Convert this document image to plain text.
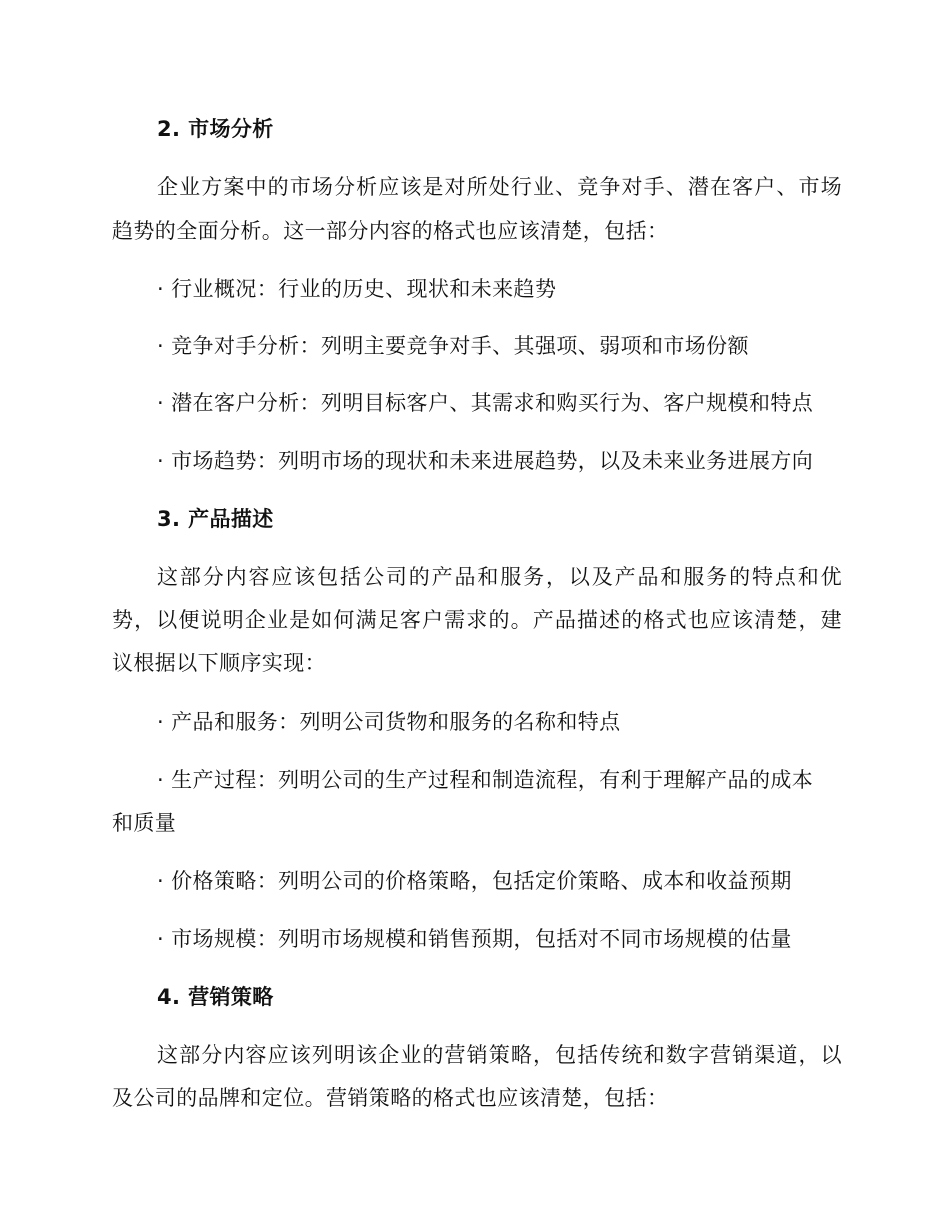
2. 市场分析
企业方案中的市场分析应该是对所处行业、竞争对手、潜在客户、市场
趋势的全面分析。这一部分内容的格式也应该清楚，包括：
· 行业概况：行业的历史、现状和未来趋势
· 竞争对手分析：列明主要竞争对手、其强项、弱项和市场份额
· 潜在客户分析：列明目标客户、其需求和购买行为、客户规模和特点
· 市场趋势：列明市场的现状和未来进展趋势，以及未来业务进展方向
3. 产品描述
这部分内容应该包括公司的产品和服务，以及产品和服务的特点和优
势，以便说明企业是如何满足客户需求的。产品描述的格式也应该清楚，建
议根据以下顺序实现：
· 产品和服务：列明公司货物和服务的名称和特点
· 生产过程：列明公司的生产过程和制造流程，有利于理解产品的成本
和质量
· 价格策略：列明公司的价格策略，包括定价策略、成本和收益预期
· 市场规模：列明市场规模和销售预期，包括对不同市场规模的估量
4. 营销策略
这部分内容应该列明该企业的营销策略，包括传统和数字营销渠道，以
及公司的品牌和定位。营销策略的格式也应该清楚，包括：
